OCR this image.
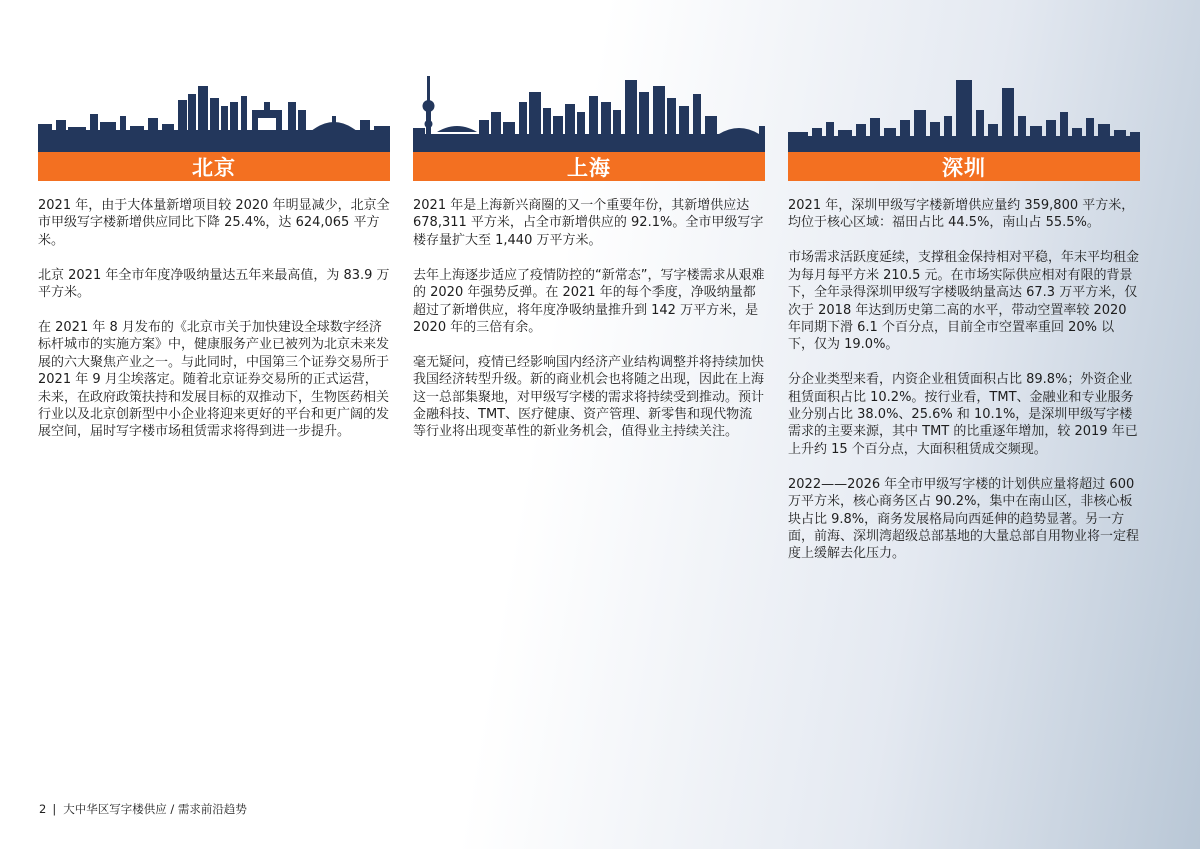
北京

2021 年，由于大体量新增项目较 2020 年明显减少，北京全市甲级写字楼新增供应同比下降 25.4%，达 624,065 平方米。

北京 2021 年全市年度净吸纳量达五年来最高值，为 83.9 万平方米。

在 2021 年 8 月发布的《北京市关于加快建设全球数字经济标杆城市的实施方案》中，健康服务产业已被列为北京未来发展的六大聚焦产业之一。与此同时，中国第三个证券交易所于 2021 年 9 月尘埃落定。随着北京证券交易所的正式运营，未来，在政府政策扶持和发展目标的双推动下，生物医药相关行业以及北京创新型中小企业将迎来更好的平台和更广阔的发展空间，届时写字楼市场租赁需求将得到进一步提升。

上海

2021 年是上海新兴商圈的又一个重要年份，其新增供应达 678,311 平方米，占全市新增供应的 92.1%。全市甲级写字楼存量扩大至 1,440 万平方米。

去年上海逐步适应了疫情防控的“新常态”，写字楼需求从艰难的 2020 年强势反弹。在 2021 年的每个季度，净吸纳量都超过了新增供应，将年度净吸纳量推升到 142 万平方米，是 2020 年的三倍有余。

毫无疑问，疫情已经影响国内经济产业结构调整并将持续加快我国经济转型升级。新的商业机会也将随之出现，因此在上海这一总部集聚地，对甲级写字楼的需求将持续受到推动。预计金融科技、TMT、医疗健康、资产管理、新零售和现代物流等行业将出现变革性的新业务机会，值得业主持续关注。

深圳

2021 年，深圳甲级写字楼新增供应量约 359,800 平方米，均位于核心区域：福田占比 44.5%，南山占 55.5%。

市场需求活跃度延续，支撑租金保持相对平稳，年末平均租金为每月每平方米 210.5 元。在市场实际供应相对有限的背景下，全年录得深圳甲级写字楼吸纳量高达 67.3 万平方米，仅次于 2018 年达到历史第二高的水平，带动空置率较 2020 年同期下滑 6.1 个百分点，目前全市空置率重回 20% 以下，仅为 19.0%。

分企业类型来看，内资企业租赁面积占比 89.8%；外资企业租赁面积占比 10.2%。按行业看，TMT、金融业和专业服务业分别占比 38.0%、25.6% 和 10.1%，是深圳甲级写字楼需求的主要来源，其中 TMT 的比重逐年增加，较 2019 年已上升约 15 个百分点，大面积租赁成交频现。

2022——2026 年全市甲级写字楼的计划供应量将超过 600 万平方米，核心商务区占 90.2%，集中在南山区，非核心板块占比 9.8%，商务发展格局向西延伸的趋势显著。另一方面，前海、深圳湾超级总部基地的大量总部自用物业将一定程度上缓解去化压力。

2 | 大中华区写字楼供应 / 需求前沿趋势
